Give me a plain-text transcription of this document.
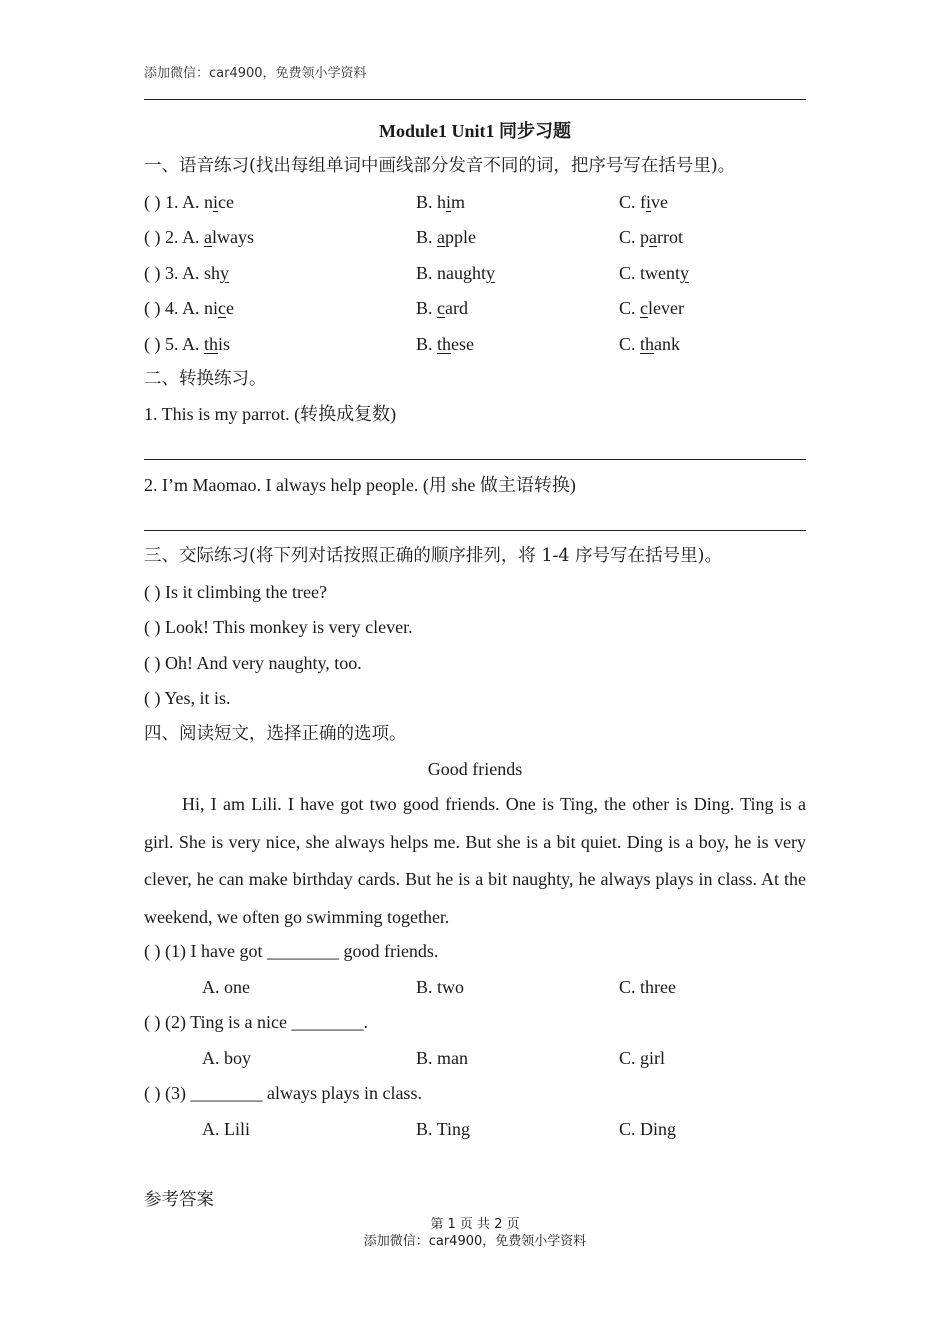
添加微信：car4900，免费领小学资料
Module1 Unit1 同步习题
一、语音练习(找出每组单词中画线部分发音不同的词，把序号写在括号里)。
( ) 1. A. nice	B. him	C. five
( ) 2. A. always	B. apple	C. parrot
( ) 3. A. shy	B. naughty	C. twenty
( ) 4. A. nice	B. card	C. clever
( ) 5. A. this	B. these	C. thank
二、转换练习。
1. This is my parrot. (转换成复数)
2. I’m Maomao. I always help people. (用 she 做主语转换)
三、交际练习(将下列对话按照正确的顺序排列，将 1-4 序号写在括号里)。
( ) Is it climbing the tree?
( ) Look! This monkey is very clever.
( ) Oh! And very naughty, too.
( ) Yes, it is.
四、阅读短文，选择正确的选项。
Good friends
Hi, I am Lili. I have got two good friends. One is Ting, the other is Ding. Ting is a girl. She is very nice, she always helps me. But she is a bit quiet. Ding is a boy, he is very clever, he can make birthday cards. But he is a bit naughty, he always plays in class. At the weekend, we often go swimming together.
( ) (1) I have got ________ good friends.
A. one	B. two	C. three
( ) (2) Ting is a nice ________.
A. boy	B. man	C. girl
( ) (3) ________ always plays in class.
A. Lili	B. Ting	C. Ding
参考答案
第 1 页 共 2 页
添加微信：car4900，免费领小学资料
